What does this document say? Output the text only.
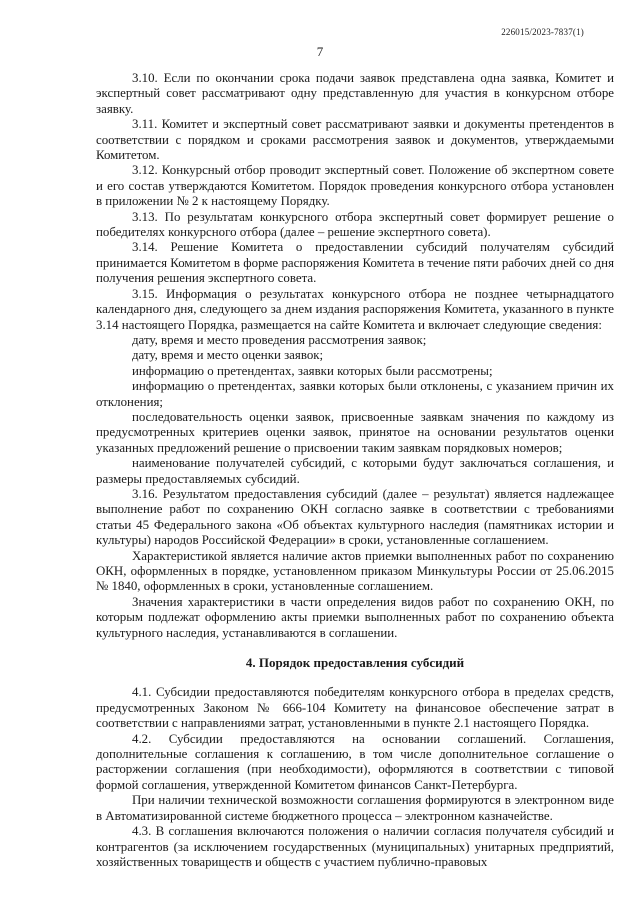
226015/2023-7837(1)
7

3.10. Если по окончании срока подачи заявок представлена одна заявка, Комитет и экспертный совет рассматривают одну представленную для участия в конкурсном отборе заявку.

3.11. Комитет и экспертный совет рассматривают заявки и документы претендентов в соответствии с порядком и сроками рассмотрения заявок и документов, утверждаемыми Комитетом.

3.12. Конкурсный отбор проводит экспертный совет. Положение об экспертном совете и его состав утверждаются Комитетом. Порядок проведения конкурсного отбора установлен в приложении № 2 к настоящему Порядку.

3.13. По результатам конкурсного отбора экспертный совет формирует решение о победителях конкурсного отбора (далее – решение экспертного совета).

3.14. Решение Комитета о предоставлении субсидий получателям субсидий принимается Комитетом в форме распоряжения Комитета в течение пяти рабочих дней со дня получения решения экспертного совета.

3.15. Информация о результатах конкурсного отбора не позднее четырнадцатого календарного дня, следующего за днем издания распоряжения Комитета, указанного в пункте 3.14 настоящего Порядка, размещается на сайте Комитета и включает следующие сведения:

дату, время и место проведения рассмотрения заявок;

дату, время и место оценки заявок;

информацию о претендентах, заявки которых были рассмотрены;

информацию о претендентах, заявки которых были отклонены, с указанием причин их отклонения;

последовательность оценки заявок, присвоенные заявкам значения по каждому из предусмотренных критериев оценки заявок, принятое на основании результатов оценки указанных предложений решение о присвоении таким заявкам порядковых номеров;

наименование получателей субсидий, с которыми будут заключаться соглашения, и размеры предоставляемых субсидий.

3.16. Результатом предоставления субсидий (далее – результат) является надлежащее выполнение работ по сохранению ОКН согласно заявке в соответствии с требованиями статьи 45 Федерального закона «Об объектах культурного наследия (памятниках истории и культуры) народов Российской Федерации» в сроки, установленные соглашением.

Характеристикой является наличие актов приемки выполненных работ по сохранению ОКН, оформленных в порядке, установленном приказом Минкультуры России от 25.06.2015 № 1840, оформленных в сроки, установленные соглашением.

Значения характеристики в части определения видов работ по сохранению ОКН, по которым подлежат оформлению акты приемки выполненных работ по сохранению объекта культурного наследия, устанавливаются в соглашении.

4. Порядок предоставления субсидий

4.1. Субсидии предоставляются победителям конкурсного отбора в пределах средств, предусмотренных Законом № 666-104 Комитету на финансовое обеспечение затрат в соответствии с направлениями затрат, установленными в пункте 2.1 настоящего Порядка.

4.2. Субсидии предоставляются на основании соглашений. Соглашения, дополнительные соглашения к соглашению, в том числе дополнительное соглашение о расторжении соглашения (при необходимости), оформляются в соответствии с типовой формой соглашения, утвержденной Комитетом финансов Санкт-Петербурга.

При наличии технической возможности соглашения формируются в электронном виде в Автоматизированной системе бюджетного процесса – электронном казначействе.

4.3. В соглашения включаются положения о наличии согласия получателя субсидий и контрагентов (за исключением государственных (муниципальных) унитарных предприятий, хозяйственных товариществ и обществ с участием публично-правовых
